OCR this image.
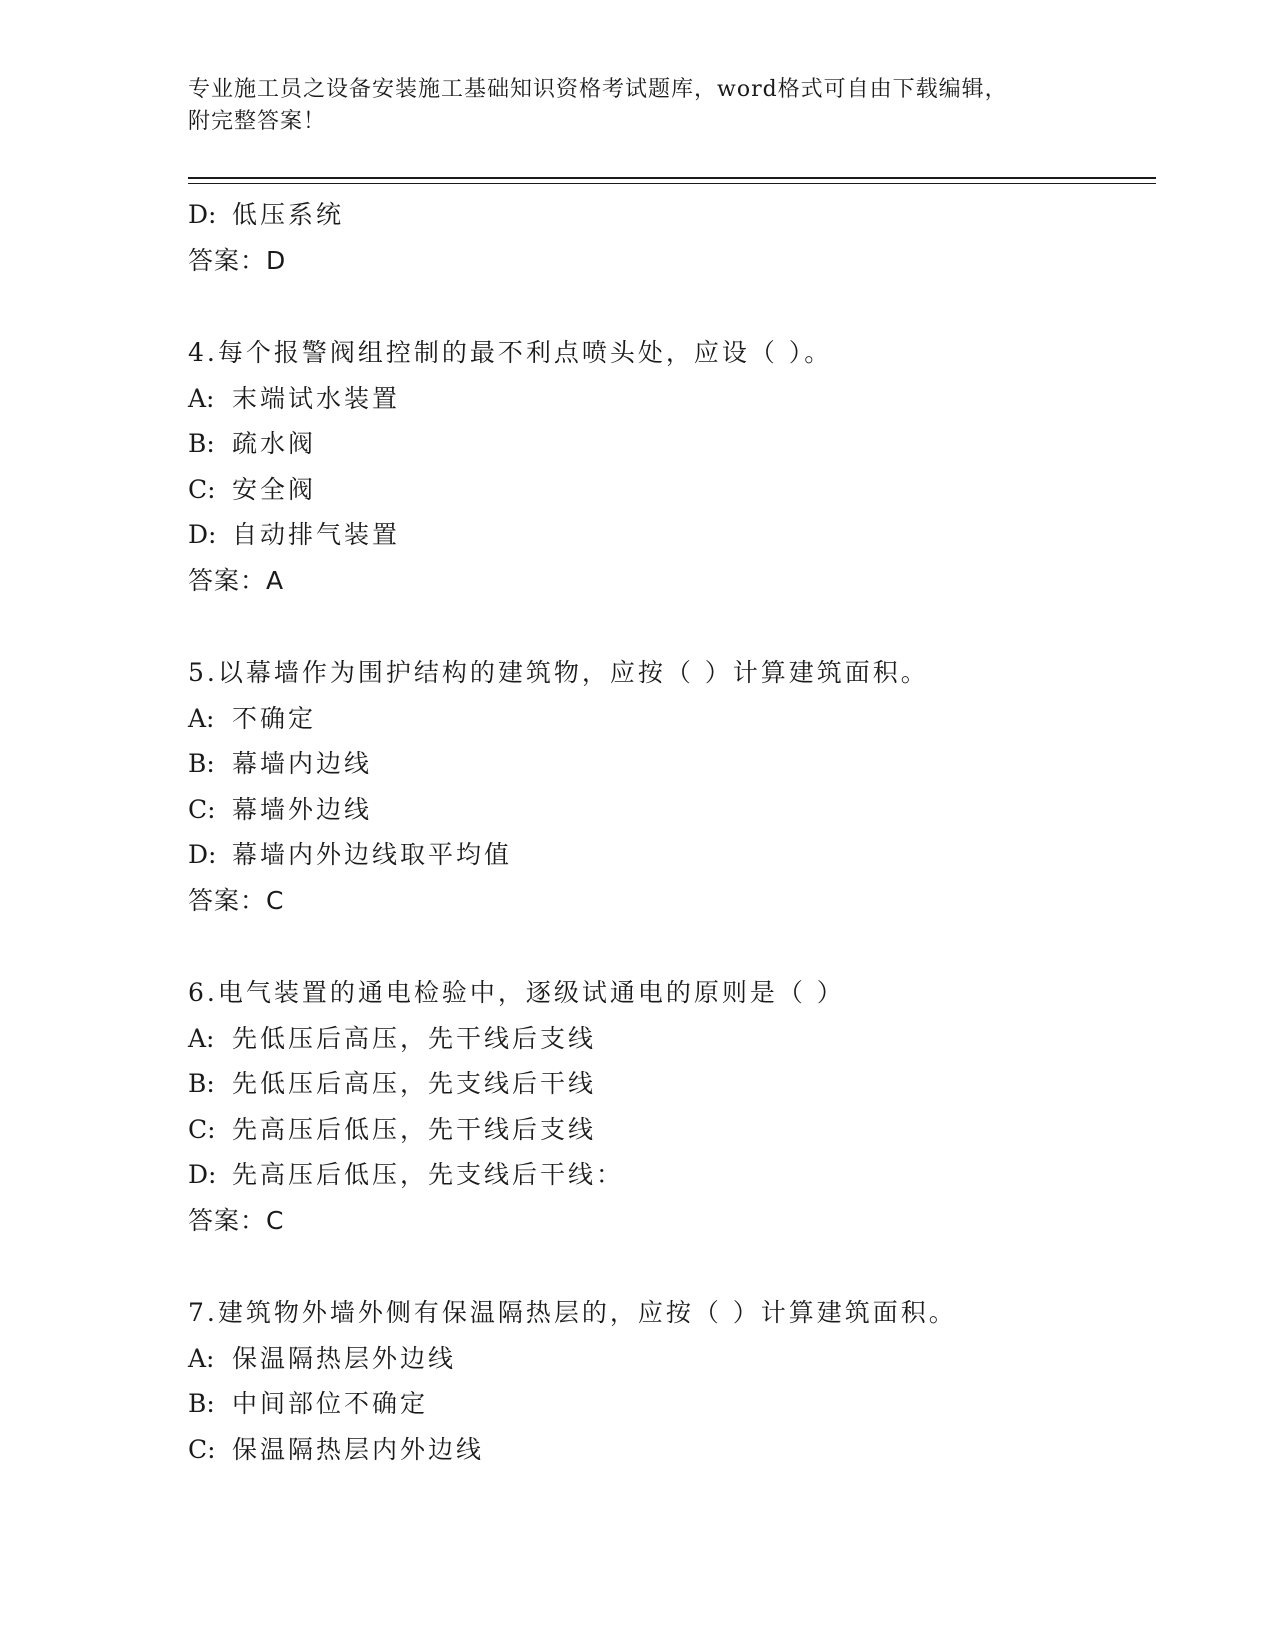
专业施工员之设备安装施工基础知识资格考试题库，word格式可自由下载编辑，
附完整答案！
D: 低压系统
答案：D
4.每个报警阀组控制的最不利点喷头处，应设（ ）。
A: 末端试水装置
B: 疏水阀
C: 安全阀
D: 自动排气装置
答案：A
5.以幕墙作为围护结构的建筑物，应按（ ）计算建筑面积。
A: 不确定
B: 幕墙内边线
C: 幕墙外边线
D: 幕墙内外边线取平均值
答案：C
6.电气装置的通电检验中，逐级试通电的原则是（ ）
A: 先低压后高压，先干线后支线
B: 先低压后高压，先支线后干线
C: 先高压后低压，先干线后支线
D: 先高压后低压，先支线后干线：
答案：C
7.建筑物外墙外侧有保温隔热层的，应按（ ）计算建筑面积。
A: 保温隔热层外边线
B: 中间部位不确定
C: 保温隔热层内外边线
